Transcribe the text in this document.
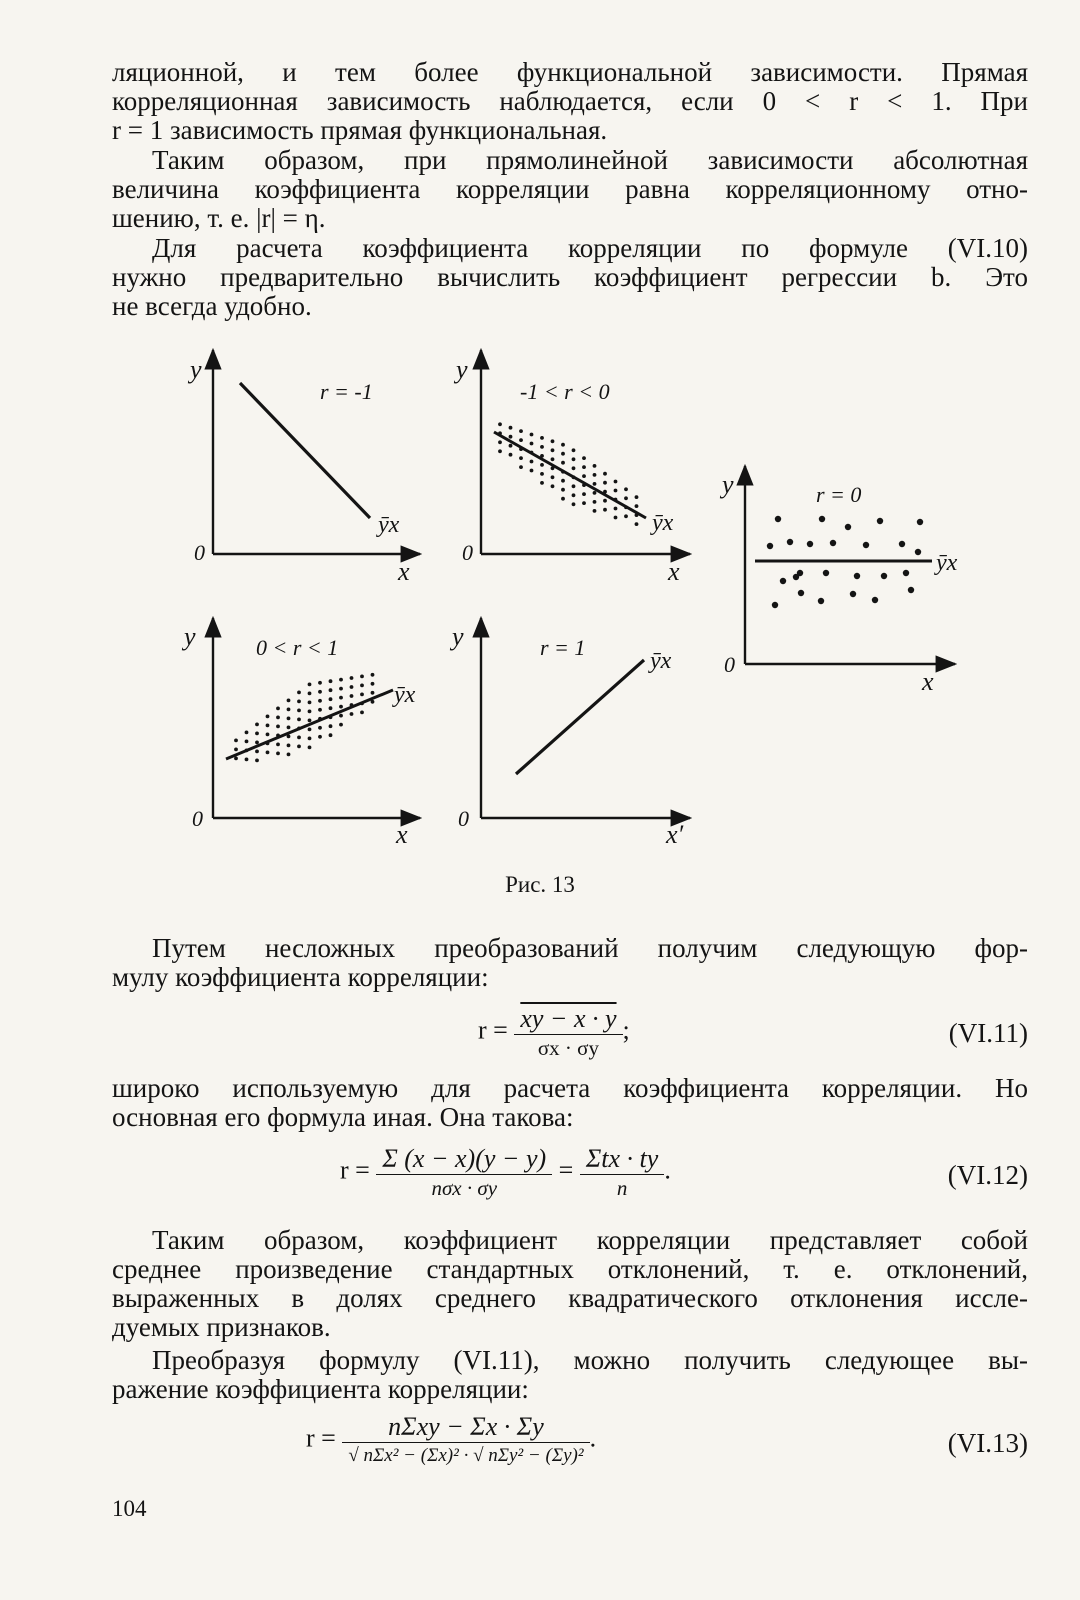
ляционной, и тем более функциональной зависимости. Прямая
корреляционная зависимость наблюдается, если 0 < r < 1. При
r = 1 зависимость прямая функциональная.
Таким образом, при прямолинейной зависимости абсолютная
величина коэффициента корреляции равна корреляционному отно-
шению, т. е. |r| = η.
Для расчета коэффициента корреляции по формуле (VI.10)
нужно предварительно вычислить коэффициент регрессии b. Это
не всегда удобно.
y
x
0
r = -1
ȳx
y
x
0
-1 < r < 0
ȳx
y
x
0
r = 0
ȳx
y
x
0
0 < r < 1
ȳx
y
x′
0
r = 1
ȳx
Рис. 13
Путем несложных преобразований получим следующую фор-
мулу коэффициента корреляции:
$r = \frac{xy - x \cdot y}{\sigma x \cdot \sigma y}$ ;	(VI.11)
широко используемую для расчета коэффициента корреляции. Но
основная его формула иная. Она такова:
$r = \frac{\Sigma (x - x)(y - y)}{\text{nσx · σy}} = \frac{\text{Σtx · ty}}{n}$ .	(VI.12)
Таким образом, коэффициент корреляции представляет собой
среднее произведение стандартных отклонений, т. е. отклонений,
выраженных в долях среднего квадратического отклонения иссле-
дуемых признаков.
Преобразуя формулу (VI.11), можно получить следующее вы-
ражение коэффициента корреляции:
$r = \frac{\text{nΣxy − Σx · Σy}}{\text{√ nΣx² − (Σx)² · √ nΣy² − (Σy)²}}$ .	(VI.13)
104
